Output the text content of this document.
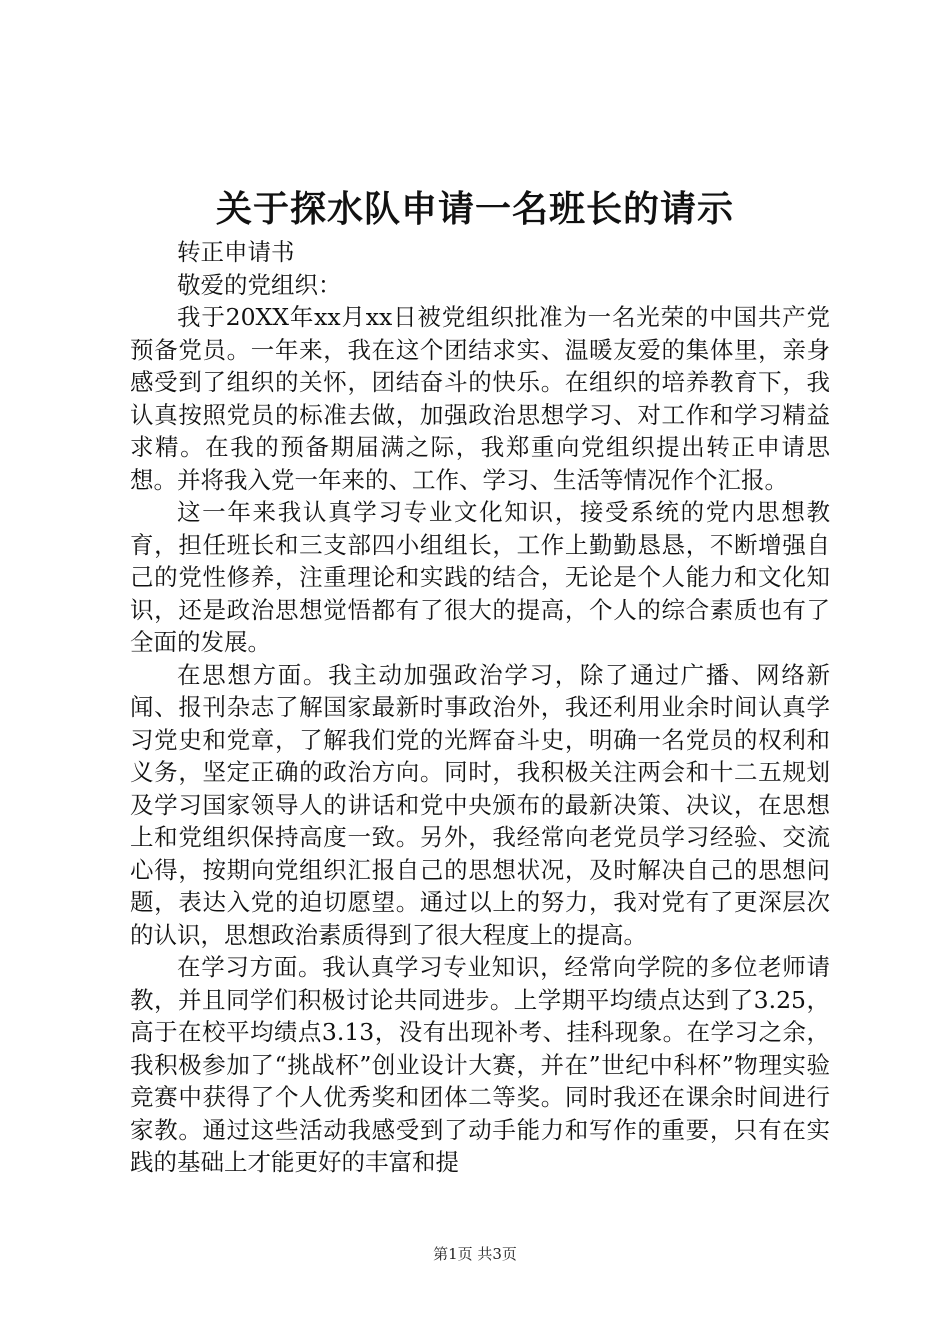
关于探水队申请一名班长的请示

转正申请书

敬爱的党组织：

我于20XX年xx月xx日被党组织批准为一名光荣的中国共产党预备党员。一年来，我在这个团结求实、温暖友爱的集体里，亲身感受到了组织的关怀，团结奋斗的快乐。在组织的培养教育下，我认真按照党员的标准去做，加强政治思想学习、对工作和学习精益求精。在我的预备期届满之际，我郑重向党组织提出转正申请思想。并将我入党一年来的、工作、学习、生活等情况作个汇报。

这一年来我认真学习专业文化知识，接受系统的党内思想教育，担任班长和三支部四小组组长，工作上勤勤恳恳，不断增强自己的党性修养，注重理论和实践的结合，无论是个人能力和文化知识，还是政治思想觉悟都有了很大的提高，个人的综合素质也有了全面的发展。

在思想方面。我主动加强政治学习，除了通过广播、网络新闻、报刊杂志了解国家最新时事政治外，我还利用业余时间认真学习党史和党章，了解我们党的光辉奋斗史，明确一名党员的权利和义务，坚定正确的政治方向。同时，我积极关注两会和十二五规划及学习国家领导人的讲话和党中央颁布的最新决策、决议，在思想上和党组织保持高度一致。另外，我经常向老党员学习经验、交流心得，按期向党组织汇报自己的思想状况，及时解决自己的思想问题，表达入党的迫切愿望。通过以上的努力，我对党有了更深层次的认识，思想政治素质得到了很大程度上的提高。

在学习方面。我认真学习专业知识，经常向学院的多位老师请教，并且同学们积极讨论共同进步。上学期平均绩点达到了3.25，高于在校平均绩点3.13，没有出现补考、挂科现象。在学习之余，我积极参加了“挑战杯”创业设计大赛，并在”世纪中科杯”物理实验竞赛中获得了个人优秀奖和团体二等奖。同时我还在课余时间进行家教。通过这些活动我感受到了动手能力和写作的重要，只有在实践的基础上才能更好的丰富和提

第1页 共3页
